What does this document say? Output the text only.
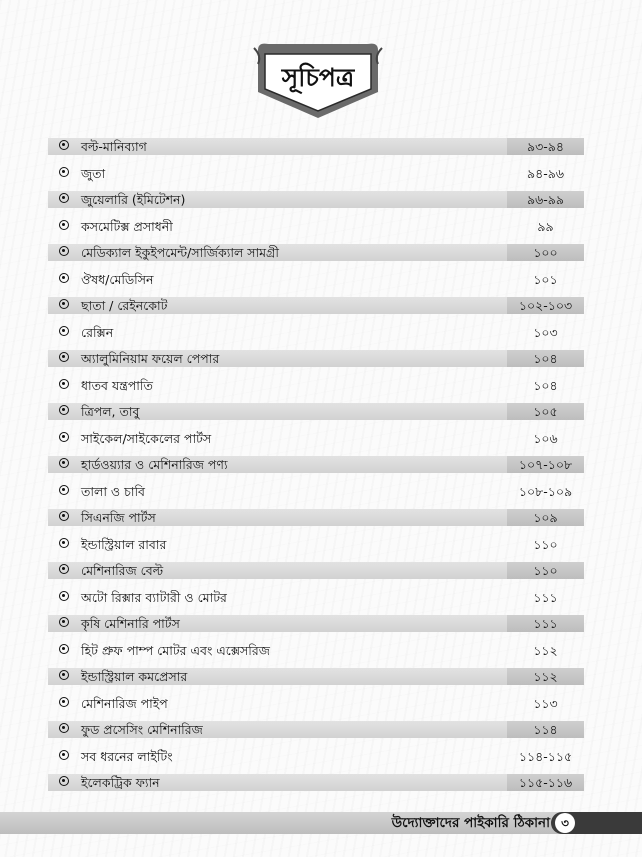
সূচিপত্র
বল্ট-মানিব্যাগ	৯৩-৯৪
জুতা	৯৪-৯৬
জুয়েলারি (ইমিটেশন)	৯৬-৯৯
কসমেটিক্স প্রসাধনী	৯৯
মেডিক্যাল ইকুইপমেন্ট/সার্জিক্যাল সামগ্রী	১০০
ঔষধ/মেডিসিন	১০১
ছাতা / রেইনকোট	১০২-১০৩
রেক্সিন	১০৩
অ্যালুমিনিয়াম ফয়েল পেপার	১০৪
ধাতব যন্ত্রপাতি	১০৪
ত্রিপল, তাবু	১০৫
সাইকেল/সাইকেলের পার্টস	১০৬
হার্ডওয়্যার ও মেশিনারিজ পণ্য	১০৭-১০৮
তালা ও চাবি	১০৮-১০৯
সিএনজি পার্টস	১০৯
ইন্ডাস্ট্রিয়াল রাবার	১১০
মেশিনারিজ বেল্ট	১১০
অটো রিক্সার ব্যাটারী ও মোটর	১১১
কৃষি মেশিনারি পার্টস	১১১
হিট প্রুফ পাম্প মোটর এবং এক্সেসরিজ	১১২
ইন্ডাস্ট্রিয়াল কমপ্রেসার	১১২
মেশিনারিজ পাইপ	১১৩
ফুড প্রসেসিং মেশিনারিজ	১১৪
সব ধরনের লাইটিং	১১৪-১১৫
ইলেকট্রিক ফ্যান	১১৫-১১৬
উদ্যোক্তাদের পাইকারি ঠিকানা ৩
